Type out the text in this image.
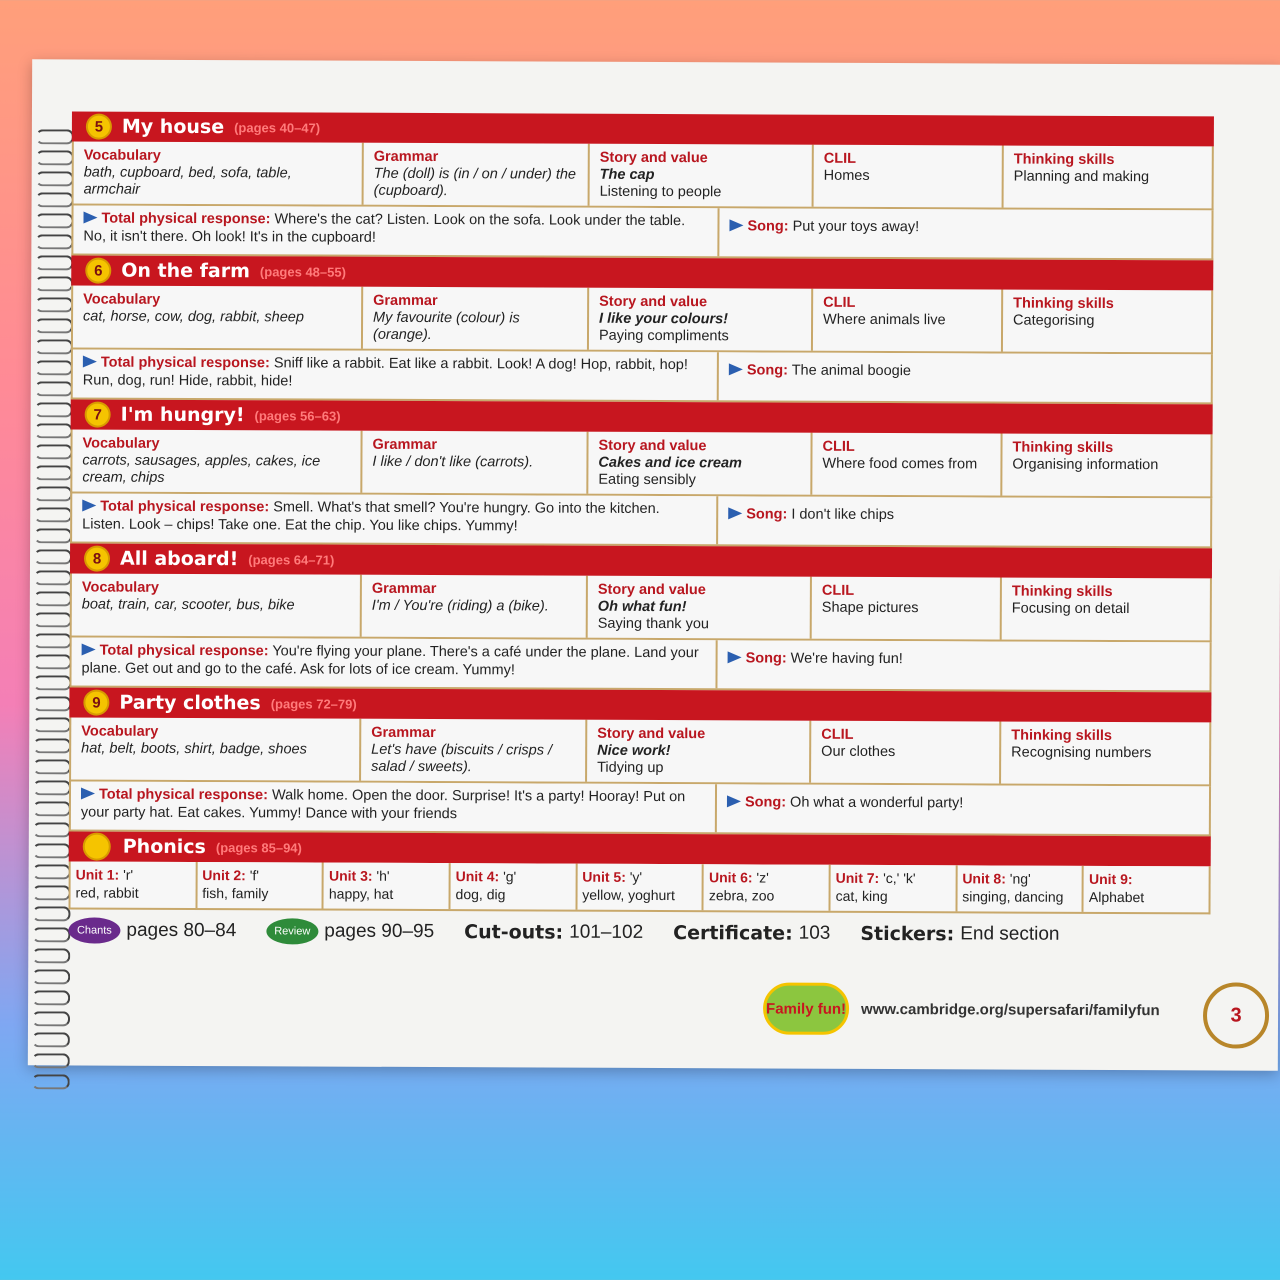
5 My house (pages 40–47)
Vocabulary
bath, cupboard, bed, sofa, table, armchair
Grammar
The (doll) is (in / on / under) the (cupboard).
Story and value
The cap
Listening to people
CLIL
Homes
Thinking skills
Planning and making
Total physical response: Where's the cat? Listen. Look on the sofa. Look under the table. No, it isn't there. Oh look! It's in the cupboard!
Song: Put your toys away!
6 On the farm (pages 48–55)
Vocabulary
cat, horse, cow, dog, rabbit, sheep
Grammar
My favourite (colour) is (orange).
Story and value
I like your colours!
Paying compliments
CLIL
Where animals live
Thinking skills
Categorising
Total physical response: Sniff like a rabbit. Eat like a rabbit. Look! A dog! Hop, rabbit, hop! Run, dog, run! Hide, rabbit, hide!
Song: The animal boogie
7 I'm hungry! (pages 56–63)
Vocabulary
carrots, sausages, apples, cakes, ice cream, chips
Grammar
I like / don't like (carrots).
Story and value
Cakes and ice cream
Eating sensibly
CLIL
Where food comes from
Thinking skills
Organising information
Total physical response: Smell. What's that smell? You're hungry. Go into the kitchen. Listen. Look – chips! Take one. Eat the chip. You like chips. Yummy!
Song: I don't like chips
8 All aboard! (pages 64–71)
Vocabulary
boat, train, car, scooter, bus, bike
Grammar
I'm / You're (riding) a (bike).
Story and value
Oh what fun!
Saying thank you
CLIL
Shape pictures
Thinking skills
Focusing on detail
Total physical response: You're flying your plane. There's a café under the plane. Land your plane. Get out and go to the café. Ask for lots of ice cream. Yummy!
Song: We're having fun!
9 Party clothes (pages 72–79)
Vocabulary
hat, belt, boots, shirt, badge, shoes
Grammar
Let's have (biscuits / crisps / salad / sweets).
Story and value
Nice work!
Tidying up
CLIL
Our clothes
Thinking skills
Recognising numbers
Total physical response: Walk home. Open the door. Surprise! It's a party! Hooray! Put on your party hat. Eat cakes. Yummy! Dance with your friends
Song: Oh what a wonderful party!
Phonics (pages 85–94)
Unit 1: 'r'
red, rabbit
Unit 2: 'f'
fish, family
Unit 3: 'h'
happy, hat
Unit 4: 'g'
dog, dig
Unit 5: 'y'
yellow, yoghurt
Unit 6: 'z'
zebra, zoo
Unit 7: 'c,' 'k'
cat, king
Unit 8: 'ng'
singing, dancing
Unit 9:
Alphabet
Chants pages 80–84	Review pages 90–95 Cut-outs: 101–102 Certificate: 103 Stickers: End section
Family fun! www.cambridge.org/supersafari/familyfun	3
